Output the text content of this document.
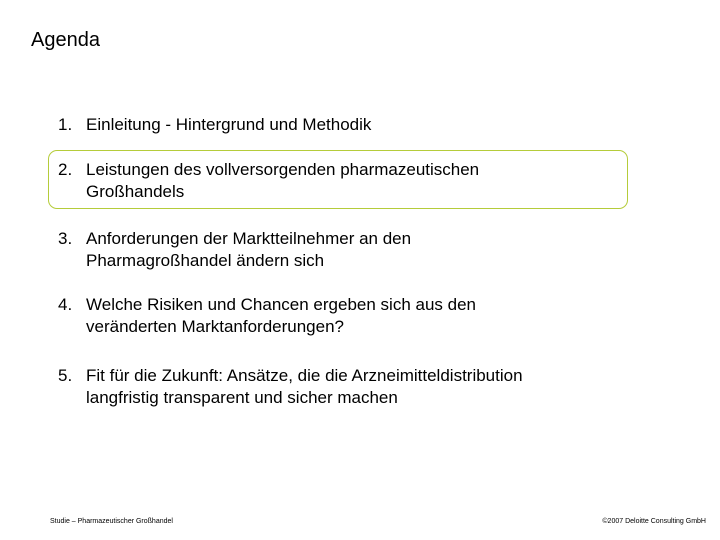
Agenda
1. Einleitung - Hintergrund und Methodik
2. Leistungen des vollversorgenden pharmazeutischen
Großhandels
3. Anforderungen der Marktteilnehmer an den
Pharmagroßhandel ändern sich
4. Welche Risiken und Chancen ergeben sich aus den
veränderten Marktanforderungen?
5. Fit für die Zukunft: Ansätze, die die Arzneimitteldistribution
langfristig transparent und sicher machen
Studie – Pharmazeutischer Großhandel	©2007 Deloitte Consulting GmbH
